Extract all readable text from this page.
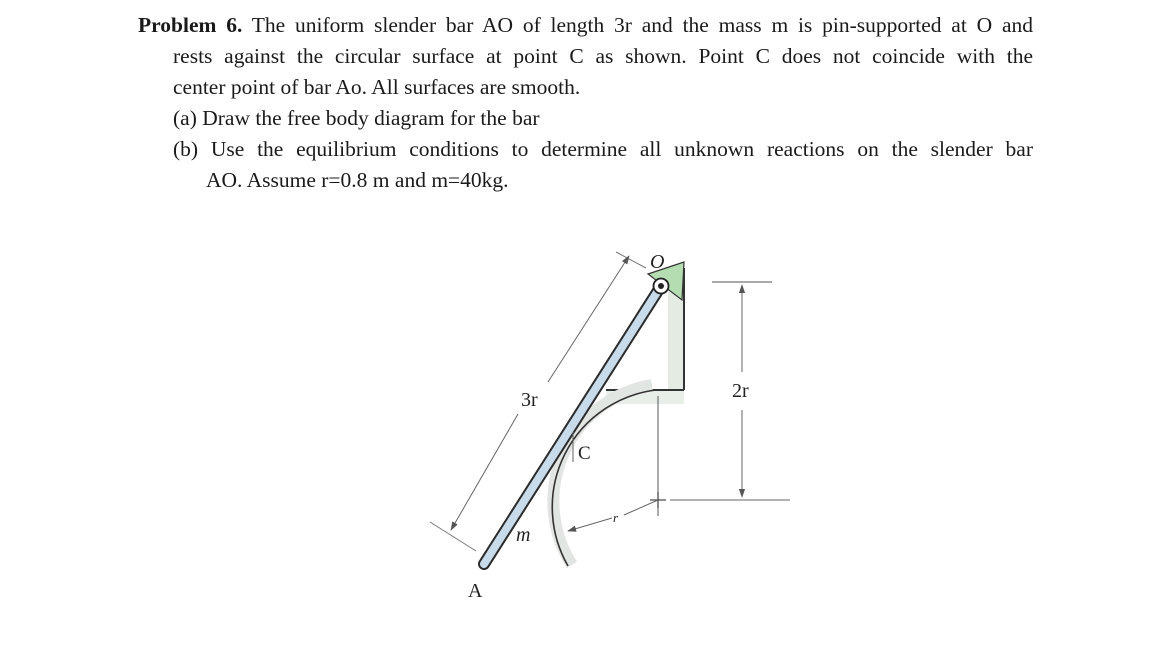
Problem 6. The uniform slender bar AO of length 3r and the mass m is pin-supported at O and
rests against the circular surface at point C as shown. Point C does not coincide with the
center point of bar Ao. All surfaces are smooth.
(a) Draw the free body diagram for the bar
(b) Use the equilibrium conditions to determine all unknown reactions on the slender bar
AO. Assume r=0.8 m and m=40kg.
O
A
C
m
3r	2r
r
